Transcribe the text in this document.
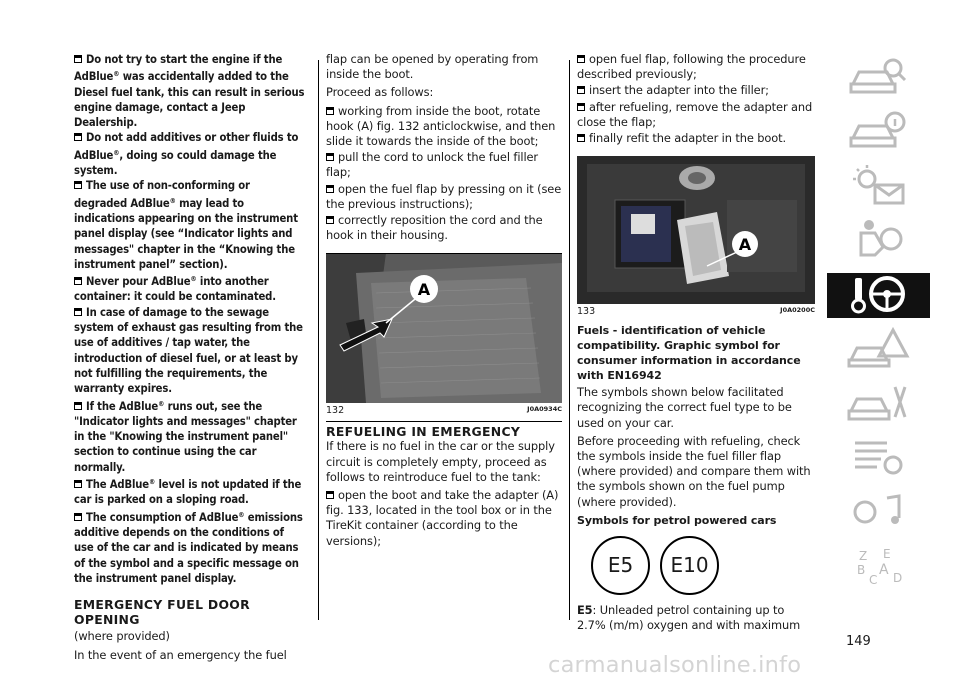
Do not try to start the engine if the AdBlue® was accidentally added to the Diesel fuel tank, this can result in serious engine damage, contact a Jeep Dealership.
Do not add additives or other fluids to AdBlue®, doing so could damage the system.
The use of non-conforming or degraded AdBlue® may lead to indications appearing on the instrument panel display (see “Indicator lights and messages" chapter in the “Knowing the instrument panel” section).
Never pour AdBlue® into another container: it could be contaminated.
In case of damage to the sewage system of exhaust gas resulting from the use of additives / tap water, the introduction of diesel fuel, or at least by not fulfilling the requirements, the warranty expires.
If the AdBlue® runs out, see the "Indicator lights and messages" chapter in the "Knowing the instrument panel" section to continue using the car normally.
The AdBlue® level is not updated if the car is parked on a sloping road.
The consumption of AdBlue® emissions additive depends on the conditions of use of the car and is indicated by means of the symbol and a specific message on the instrument panel display.
EMERGENCY FUEL DOOR OPENING
(where provided)
In the event of an emergency the fuel
flap can be opened by operating from inside the boot.
Proceed as follows:
working from inside the boot, rotate hook (A) fig. 132 anticlockwise, and then slide it towards the inside of the boot;
pull the cord to unlock the fuel filler flap;
open the fuel flap by pressing on it (see the previous instructions);
correctly reposition the cord and the hook in their housing.
A
132	J0A0934C
REFUELING IN EMERGENCY
If there is no fuel in the car or the supply circuit is completely empty, proceed as follows to reintroduce fuel to the tank:
open the boot and take the adapter (A) fig. 133, located in the tool box or in the TireKit container (according to the versions);
open fuel flap, following the procedure described previously;
insert the adapter into the filler;
after refueling, remove the adapter and close the flap;
finally refit the adapter in the boot.
A
133	J0A0200C
Fuels - identification of vehicle compatibility. Graphic symbol for consumer information in accordance with EN16942
The symbols shown below facilitated recognizing the correct fuel type to be used on your car.
Before proceeding with refueling, check the symbols inside the fuel filler flap (where provided) and compare them with the symbols shown on the fuel pump (where provided).
Symbols for petrol powered cars
E5	E10
E5: Unleaded petrol containing up to 2.7% (m/m) oxygen and with maximum
Z E
B A
C D
149
carmanualsonline.info
